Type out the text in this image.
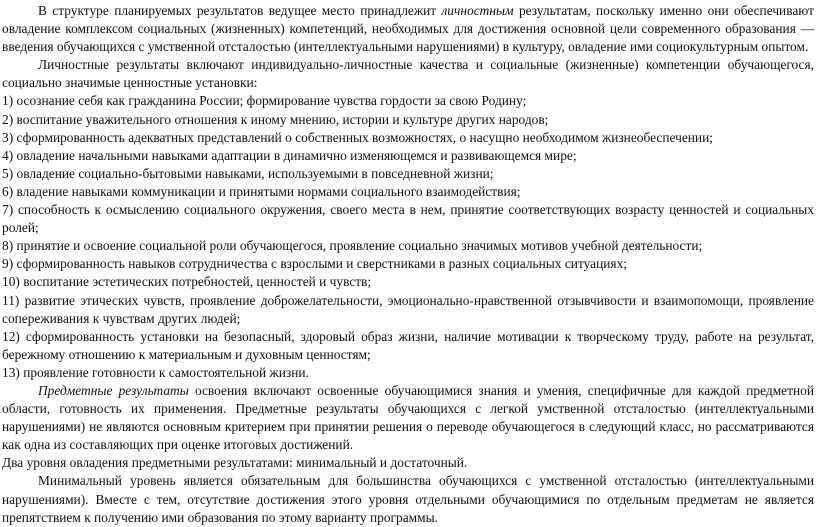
В структуре планируемых результатов ведущее место принадлежит личностным результатам, поскольку именно они обеспечивают овладение комплексом социальных (жизненных) компетенций, необходимых для достижения основной цели современного образования — введения обучающихся с умственной отсталостью (интеллектуальными нарушениями) в культуру, овладение ими социокультурным опытом.

Личностные результаты включают индивидуально-личностные качества и социальные (жизненные) компетенции обучающегося, социально значимые ценностные установки:

1) осознание себя как гражданина России; формирование чувства гордости за свою Родину;

2) воспитание уважительного отношения к иному мнению, истории и культуре других народов;

3) сформированность адекватных представлений о собственных возможностях, о насущно необходимом жизнеобеспечении;

4) овладение начальными навыками адаптации в динамично изменяющемся и развивающемся мире;

5) овладение социально-бытовыми навыками, используемыми в повседневной жизни;

6) владение навыками коммуникации и принятыми нормами социального взаимодействия;

7) способность к осмыслению социального окружения, своего места в нем, принятие соответствующих возрасту ценностей и социальных ролей;

8) принятие и освоение социальной роли обучающегося, проявление социально значимых мотивов учебной деятельности;

9) сформированность навыков сотрудничества с взрослыми и сверстниками в разных социальных ситуациях;

10) воспитание эстетических потребностей, ценностей и чувств;

11) развитие этических чувств, проявление доброжелательности, эмоционально-нравственной отзывчивости и взаимопомощи, проявление сопереживания к чувствам других людей;

12) сформированность установки на безопасный, здоровый образ жизни, наличие мотивации к творческому труду, работе на результат, бережному отношению к материальным и духовным ценностям;

13) проявление готовности к самостоятельной жизни.

Предметные результаты освоения включают освоенные обучающимися знания и умения, специфичные для каждой предметной области, готовность их применения. Предметные результаты обучающихся с легкой умственной отсталостью (интеллектуальными нарушениями) не являются основным критерием при принятии решения о переводе обучающегося в следующий класс, но рассматриваются как одна из составляющих при оценке итоговых достижений.

Два уровня овладения предметными результатами: минимальный и достаточный.

Минимальный уровень является обязательным для большинства обучающихся с умственной отсталостью (интеллектуальными нарушениями). Вместе с тем, отсутствие достижения этого уровня отдельными обучающимися по отдельным предметам не является препятствием к получению ими образования по этому варианту программы.
